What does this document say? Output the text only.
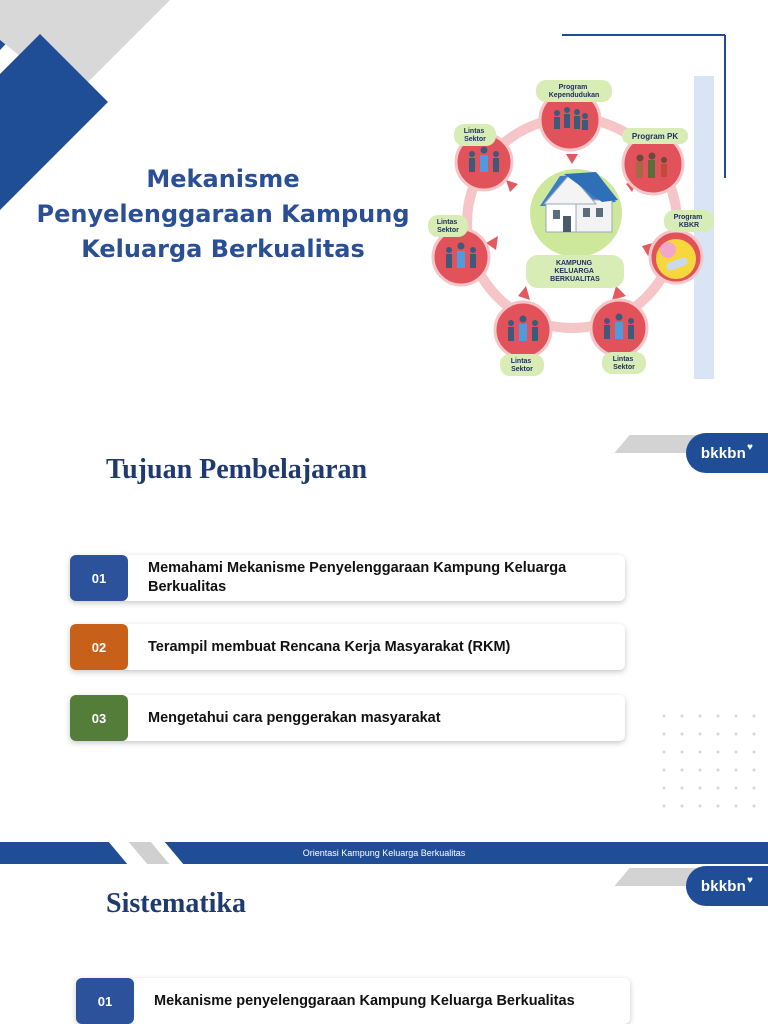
Mekanisme
Penyelenggaraan Kampung
Keluarga Berkualitas
KAMPUNG KELUARGA BERKUALITAS
Program Kependudukan
Program PK
Program KBKR
Lintas Sektor
Lintas Sektor
Lintas Sektor
Lintas Sektor
bkkbn ♥
Tujuan Pembelajaran
01
Memahami Mekanisme Penyelenggaraan Kampung Keluarga Berkualitas
02	Terampil membuat Rencana Kerja Masyarakat (RKM)
03	Mengetahui cara penggerakan masyarakat
Orientasi Kampung Keluarga Berkualitas
bkkbn ♥
Sistematika
01	Mekanisme penyelenggaraan Kampung Keluarga Berkualitas
